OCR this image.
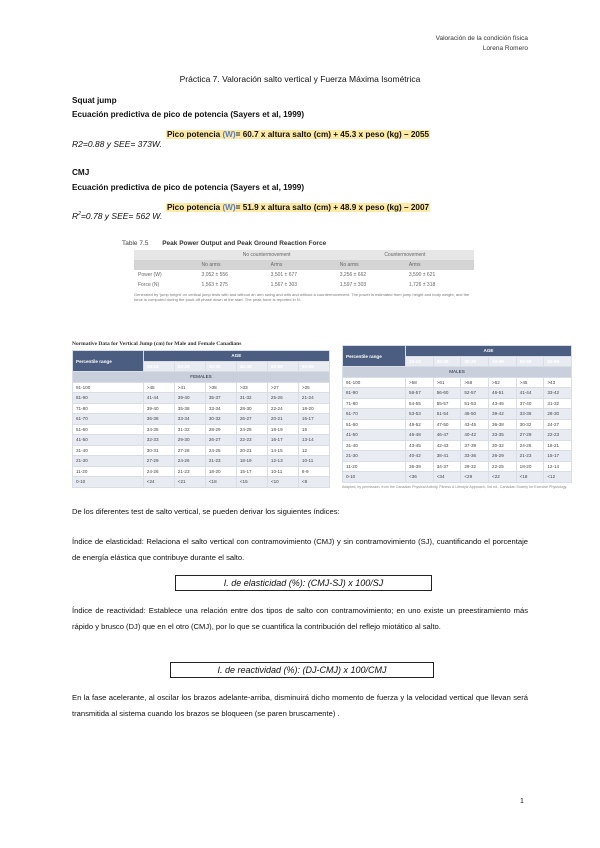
Valoración de la condición física
Lorena Romero
Práctica 7. Valoración salto vertical y Fuerza Máxima Isométrica
Squat jump
Ecuación predictiva de pico de potencia (Sayers et al, 1999)
Pico potencia (W)= 60.7 x altura salto (cm) + 45.3 x peso (kg) – 2055
R2=0.88 y SEE= 373W.
CMJ
Ecuación predictiva de pico de potencia (Sayers et al, 1999)
Pico potencia (W)= 51.9 x altura salto (cm) + 48.9 x peso (kg) – 2007
$R^2=0.78$ y SEE= 562 W.
Table 7.5 Peak Power Output and Peak Ground Reaction Force
	No countermovement		Countermovement	
	No arms	Arms	No arms	Arms
Power (W)	3,052 ± 556	3,501 ± 677	3,256 ± 662	3,590 ± 621
Force (N)	1,563 ± 275	1,567 ± 303	1,597 ± 303	1,726 ± 318
Generated by 'jump height' on vertical jump tests with and without an arm swing and with and without a countermovement. The power is estimated from jump height and body weight, and the force is computed during the push-off phase down at the start. The peak force is reported in N.
Normative Data for Vertical Jump (cm) for Male and Female Canadians
Percentile range	AGE					
	15-19	20-29	30-39	40-49	50-59	60-69
FEMALES						
91-100	>45	>41	>38	>33	>27	>25
81-90	41-44	39-40	35-37	31-32	25-26	21-24
71-80	39-40	35-38	33-34	28-30	22-24	18-20
61-70	36-38	33-34	30-32	26-27	20-21	16-17
51-60	34-35	31-32	28-29	24-25	18-19	15
41-50	32-33	29-30	26-27	22-23	16-17	13-14
31-40	30-31	27-28	24-25	20-21	14-15	12
21-30	27-29	24-26	21-23	18-19	12-13	10-11
11-20	24-26	21-23	18-20	15-17	10-11	8-9
0-10	<24	<21	<18	<15	<10	<8
Percentile range	AGE					
	15-19	20-29	30-39	40-49	50-59	60-69
MALES						
91-100	>58	>61	>58	>52	>45	>43
81-90	56-57	56-60	52-57	46-51	41-44	33-42
71-80	54-55	55-57	51-53	43-45	37-40	31-32
61-70	53-53	51-54	46-50	39-42	33-36	28-30
51-60	49-52	47-50	43-45	36-38	30-32	24-27
41-50	46-48	46-47	40-42	33-35	27-29	22-23
31-40	43-45	42-43	37-39	30-32	24-26	18-21
21-30	40-42	38-41	33-36	26-29	21-23	15-17
11-20	36-39	34-37	29-32	22-25	18-20	12-14
0-10	<36	<34	<29	<22	<18	<12
Adapted, by permission, from the Canadian Physical Activity, Fitness & Lifestyle Approach, 3rd ed., Canadian Society for Exercise Physiology.
De los diferentes test de salto vertical, se pueden derivar los siguientes índices:
Índice de elasticidad: Relaciona el salto vertical con contramovimiento (CMJ) y sin contramovimiento (SJ), cuantificando el porcentaje de energía elástica que contribuye durante el salto.
I. de elasticidad (%): (CMJ-SJ) x 100/SJ
Índice de reactividad: Establece una relación entre dos tipos de salto con contramovimiento; en uno existe un preestiramiento más rápido y brusco (DJ) que en el otro (CMJ), por lo que se cuantifica la contribución del reflejo miotático al salto.
I. de reactividad (%): (DJ-CMJ) x 100/CMJ
En la fase acelerante, al oscilar los brazos adelante-arriba, disminuirá dicho momento de fuerza y la velocidad vertical que llevan será transmitida al sistema cuando los brazos se bloqueen (se paren bruscamente) .
1
